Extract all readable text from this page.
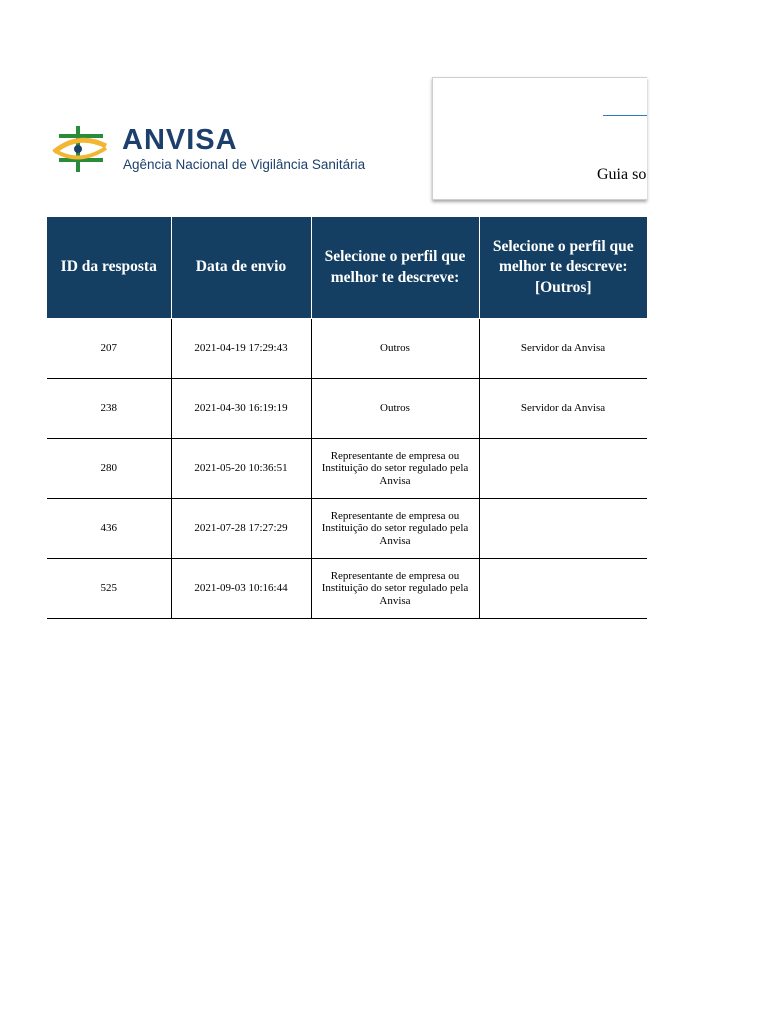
ANVISA
Agência Nacional de Vigilância Sanitária
Guia so
ID da resposta	Data de envio	Selecione o perfil que melhor te descreve:	Selecione o perfil que melhor te descreve: [Outros]
207	2021-04-19 17:29:43	Outros	Servidor da Anvisa
238	2021-04-30 16:19:19	Outros	Servidor da Anvisa
280	2021-05-20 10:36:51	Representante de empresa ou Instituição do setor regulado pela Anvisa	
436	2021-07-28 17:27:29	Representante de empresa ou Instituição do setor regulado pela Anvisa	
525	2021-09-03 10:16:44	Representante de empresa ou Instituição do setor regulado pela Anvisa	
